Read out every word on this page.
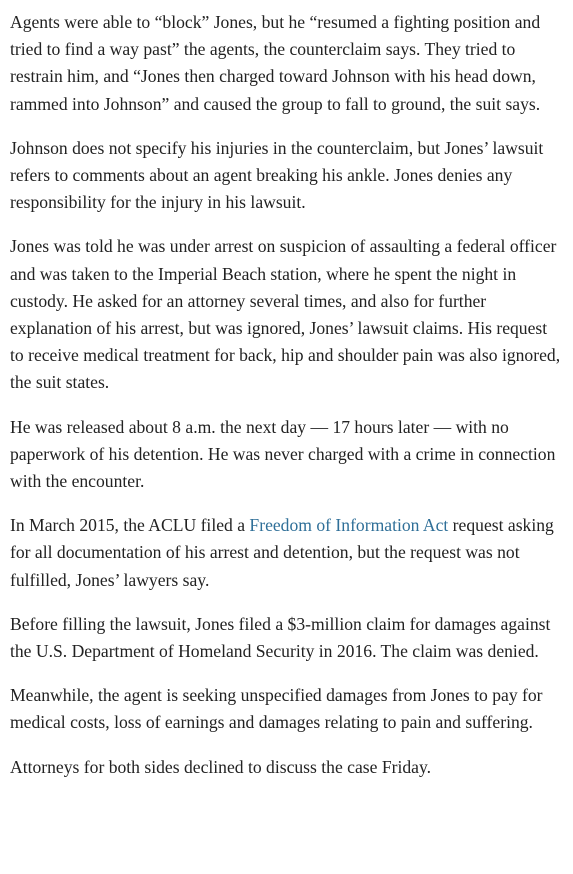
Agents were able to “block” Jones, but he “resumed a fighting position and tried to find a way past” the agents, the counterclaim says. They tried to restrain him, and “Jones then charged toward Johnson with his head down, rammed into Johnson” and caused the group to fall to ground, the suit says.

Johnson does not specify his injuries in the counterclaim, but Jones’ lawsuit refers to comments about an agent breaking his ankle. Jones denies any responsibility for the injury in his lawsuit.

Jones was told he was under arrest on suspicion of assaulting a federal officer and was taken to the Imperial Beach station, where he spent the night in custody. He asked for an attorney several times, and also for further explanation of his arrest, but was ignored, Jones’ lawsuit claims. His request to receive medical treatment for back, hip and shoulder pain was also ignored, the suit states.

He was released about 8 a.m. the next day — 17 hours later — with no paperwork of his detention. He was never charged with a crime in connection with the encounter.

In March 2015, the ACLU filed a Freedom of Information Act request asking for all documentation of his arrest and detention, but the request was not fulfilled, Jones’ lawyers say.

Before filling the lawsuit, Jones filed a $3-million claim for damages against the U.S. Department of Homeland Security in 2016. The claim was denied.

Meanwhile, the agent is seeking unspecified damages from Jones to pay for medical costs, loss of earnings and damages relating to pain and suffering.

Attorneys for both sides declined to discuss the case Friday.
